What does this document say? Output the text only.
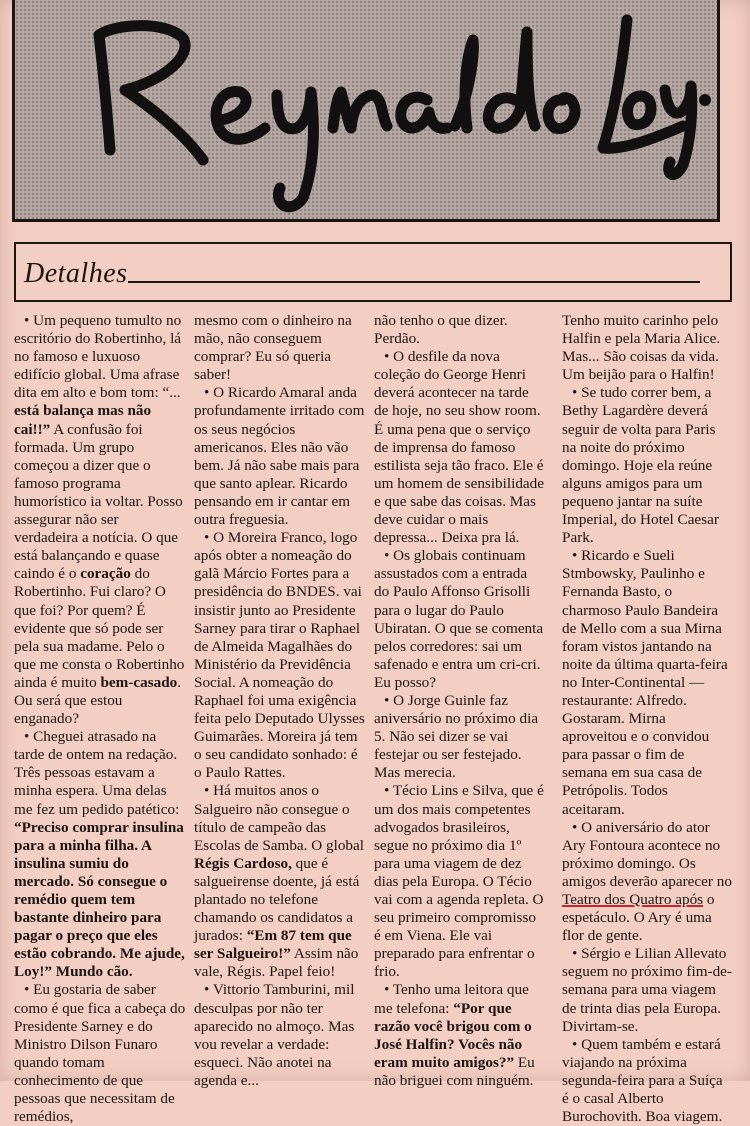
Detalhes

• Um pequeno tumulto no escritório do Robertinho, lá no famoso e luxuoso edifício global. Uma afrase dita em alto e bom tom: “... está balança mas não cai!!” A confusão foi formada. Um grupo começou a dizer que o famoso programa humorístico ia voltar. Posso assegurar não ser verdadeira a notícia. O que está balançando e quase caindo é o coração do Robertinho. Fui claro? O que foi? Por quem? É evidente que só pode ser pela sua madame. Pelo o que me consta o Robertinho ainda é muito bem-casado. Ou será que estou enganado?

• Cheguei atrasado na tarde de ontem na redação. Três pessoas estavam a minha espera. Uma delas me fez um pedido patético: “Preciso comprar insulina para a minha filha. A insulina sumiu do mercado. Só consegue o remédio quem tem bastante dinheiro para pagar o preço que eles estão cobrando. Me ajude, Loy!” Mundo cão.

• Eu gostaria de saber como é que fica a cabeça do Presidente Sarney e do Ministro Dilson Funaro quando tomam conhecimento de que pessoas que necessitam de remédios,

mesmo com o dinheiro na mão, não conseguem comprar? Eu só queria saber!

• O Ricardo Amaral anda profundamente irritado com os seus negócios americanos. Eles não vão bem. Já não sabe mais para que santo aplear. Ricardo pensando em ir cantar em outra freguesia.

• O Moreira Franco, logo após obter a nomeação do galã Márcio Fortes para a presidência do BNDES. vai insistir junto ao Presidente Sarney para tirar o Raphael de Almeida Magalhães do Ministério da Previdência Social. A nomeação do Raphael foi uma exigência feita pelo Deputado Ulysses Guimarães. Moreira já tem o seu candidato sonhado: é o Paulo Rattes.

• Há muitos anos o Salgueiro não consegue o título de campeão das Escolas de Samba. O global Régis Cardoso, que é salgueirense doente, já está plantado no telefone chamando os candidatos a jurados: “Em 87 tem que ser Salgueiro!” Assim não vale, Régis. Papel feio!

• Vittorio Tamburini, mil desculpas por não ter aparecido no almoço. Mas vou revelar a verdade: esqueci. Não anotei na agenda e...

não tenho o que dizer. Perdão.

• O desfile da nova coleção do George Henri deverá acontecer na tarde de hoje, no seu show room. É uma pena que o serviço de imprensa do famoso estilista seja tão fraco. Ele é um homem de sensibilidade e que sabe das coisas. Mas deve cuidar o mais depressa... Deixa pra lá.

• Os globais continuam assustados com a entrada do Paulo Affonso Grisolli para o lugar do Paulo Ubiratan. O que se comenta pelos corredores: sai um safenado e entra um cri-cri. Eu posso?

• O Jorge Guinle faz aniversário no próximo dia 5. Não sei dizer se vai festejar ou ser festejado. Mas merecia.

• Técio Lins e Silva, que é um dos mais competentes advogados brasileiros, segue no próximo dia 1º para uma viagem de dez dias pela Europa. O Técio vai com a agenda repleta. O seu primeiro compromisso é em Viena. Ele vai preparado para enfrentar o frio.

• Tenho uma leitora que me telefona: “Por que razão você brigou com o José Halfin? Vocês não eram muito amigos?” Eu não briguei com ninguém.

Tenho muito carinho pelo Halfin e pela Maria Alice. Mas... São coisas da vida. Um beijão para o Halfin!

• Se tudo correr bem, a Bethy Lagardère deverá seguir de volta para Paris na noite do próximo domingo. Hoje ela reúne alguns amigos para um pequeno jantar na suíte Imperial, do Hotel Caesar Park.

• Ricardo e Sueli Stmbowsky, Paulinho e Fernanda Basto, o charmoso Paulo Bandeira de Mello com a sua Mirna foram vistos jantando na noite da última quarta-feira no Inter-Continental — restaurante: Alfredo. Gostaram. Mirna aproveitou e o convidou para passar o fim de semana em sua casa de Petrópolis. Todos aceitaram.

• O aniversário do ator Ary Fontoura acontece no próximo domingo. Os amigos deverão aparecer no Teatro dos Quatro após o espetáculo. O Ary é uma flor de gente.

• Sérgio e Lilian Allevato seguem no próximo fim-de-semana para uma viagem de trinta dias pela Europa. Divirtam-se.

• Quem também e estará viajando na próxima segunda-feira para a Suíça é o casal Alberto Burochovith. Boa viagem.
